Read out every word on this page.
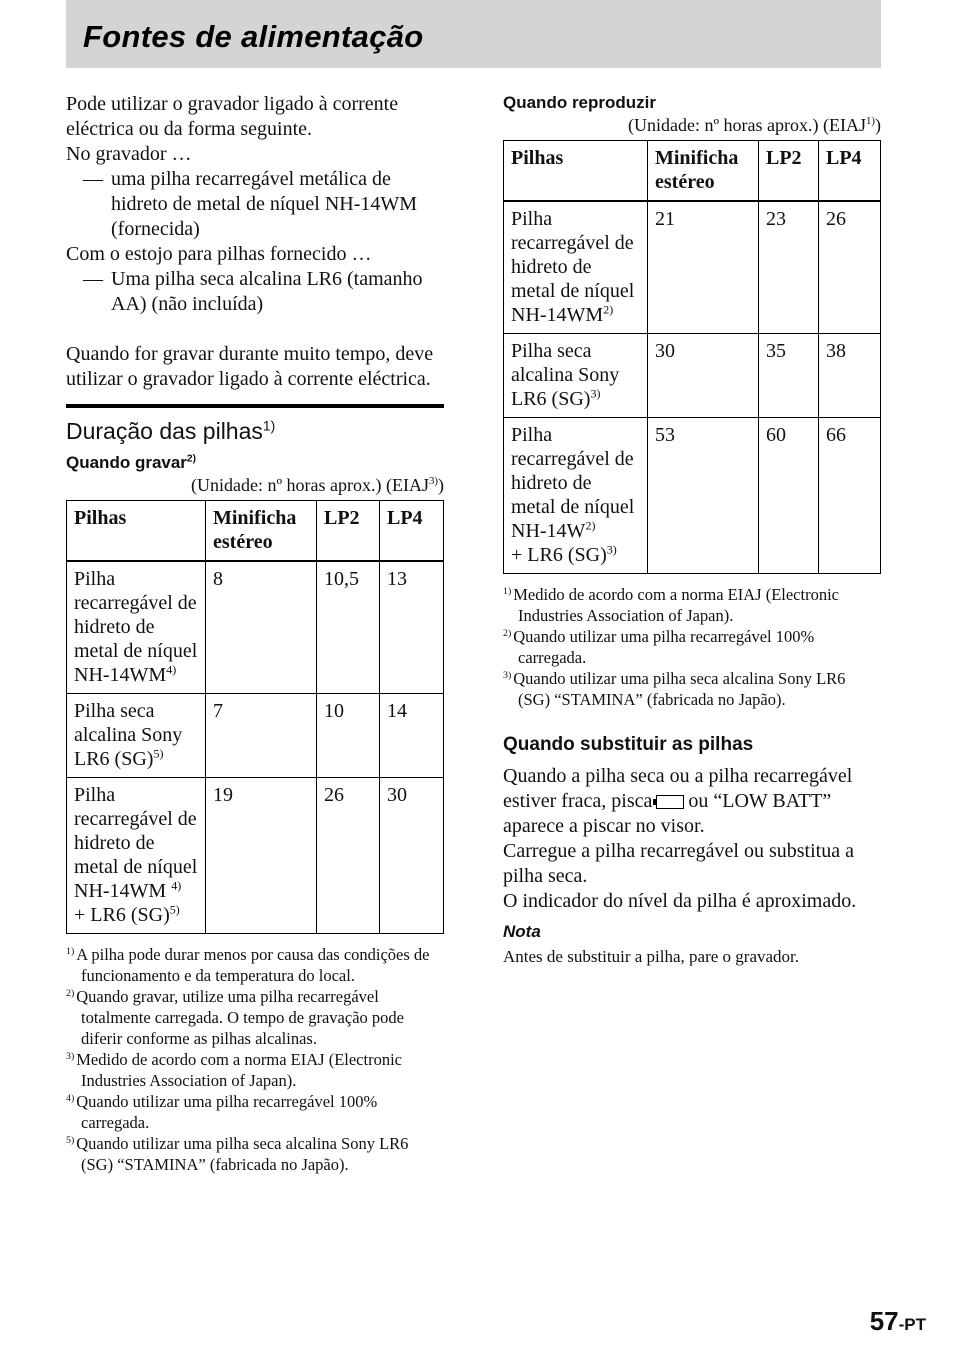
Fontes de alimentação

Pode utilizar o gravador ligado à corrente eléctrica ou da forma seguinte.

No gravador …

— uma pilha recarregável metálica de hidreto de metal de níquel NH-14WM (fornecida)

Com o estojo para pilhas fornecido …

— Uma pilha seca alcalina LR6 (tamanho AA) (não incluída)

Quando for gravar durante muito tempo, deve utilizar o gravador ligado à corrente eléctrica.

Duração das pilhas$^{1)}$
Quando gravar$^{2)}$
(Unidade: nº horas aprox.) (EIAJ$^{3)}$)
Pilhas	Minificha estéreo	LP2	LP4
Pilha recarregável de hidreto de metal de níquel NH-14WM$^{4)}$	8	10,5	13
Pilha seca alcalina Sony LR6 (SG)$^{5)}$	7	10	14
Pilha recarregável de hidreto de metal de níquel NH-14WM $^{4)}$
+ LR6 (SG)$^{5)}$	19	26	30

$^{1)}$ A pilha pode durar menos por causa das condições de funcionamento e da temperatura do local.

$^{2)}$ Quando gravar, utilize uma pilha recarregável totalmente carregada. O tempo de gravação pode diferir conforme as pilhas alcalinas.

$^{3)}$ Medido de acordo com a norma EIAJ (Electronic Industries Association of Japan).

$^{4)}$ Quando utilizar uma pilha recarregável 100% carregada.

$^{5)}$ Quando utilizar uma pilha seca alcalina Sony LR6 (SG) “STAMINA” (fabricada no Japão).

Quando reproduzir
(Unidade: nº horas aprox.) (EIAJ$^{1)}$)
Pilhas	Minificha estéreo	LP2	LP4
Pilha recarregável de hidreto de metal de níquel NH-14WM$^{2)}$	21	23	26
Pilha seca alcalina Sony LR6 (SG)$^{3)}$	30	35	38
Pilha recarregável de hidreto de metal de níquel $NH-14W^{2)}$
+ LR6 (SG)$^{3)}$	53	60	66

$^{1)}$ Medido de acordo com a norma EIAJ (Electronic Industries Association of Japan).

$^{2)}$ Quando utilizar uma pilha recarregável 100% carregada.

$^{3)}$ Quando utilizar uma pilha seca alcalina Sony LR6 (SG) “STAMINA” (fabricada no Japão).

Quando substituir as pilhas

Quando a pilha seca ou a pilha recarregável estiver fraca, pisca ou “LOW BATT” aparece a piscar no visor.

Carregue a pilha recarregável ou substitua a pilha seca.

O indicador do nível da pilha é aproximado.

Nota

Antes de substituir a pilha, pare o gravador.

57-PT
